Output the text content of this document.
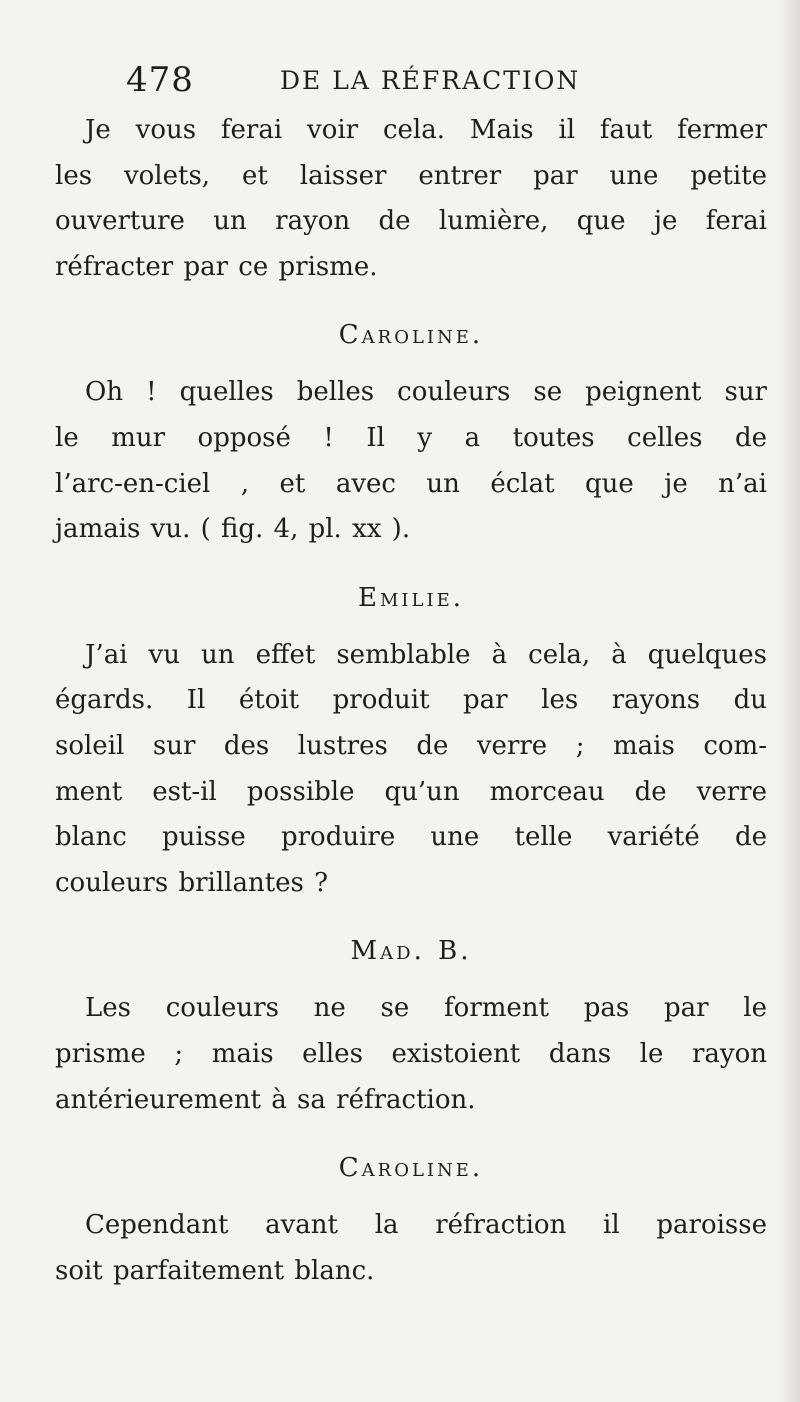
478	DE LA RÉFRACTION

Je vous ferai voir cela. Mais il faut fermer
les volets, et laisser entrer par une petite
ouverture un rayon de lumière, que je ferai
réfracter par ce prisme.

Caroline.

Oh ! quelles belles couleurs se peignent sur
le mur opposé ! Il y a toutes celles de
l’arc-en-ciel , et avec un éclat que je n’ai
jamais vu. ( fig. 4, pl. xx ).

Emilie.

J’ai vu un effet semblable à cela, à quelques
égards. Il étoit produit par les rayons du
soleil sur des lustres de verre ; mais com-
ment est-il possible qu’un morceau de verre
blanc puisse produire une telle variété de
couleurs brillantes ?

Mad. B.

Les couleurs ne se forment pas par le
prisme ; mais elles existoient dans le rayon
antérieurement à sa réfraction.

Caroline.

Cependant avant la réfraction il paroisse
soit parfaitement blanc.
